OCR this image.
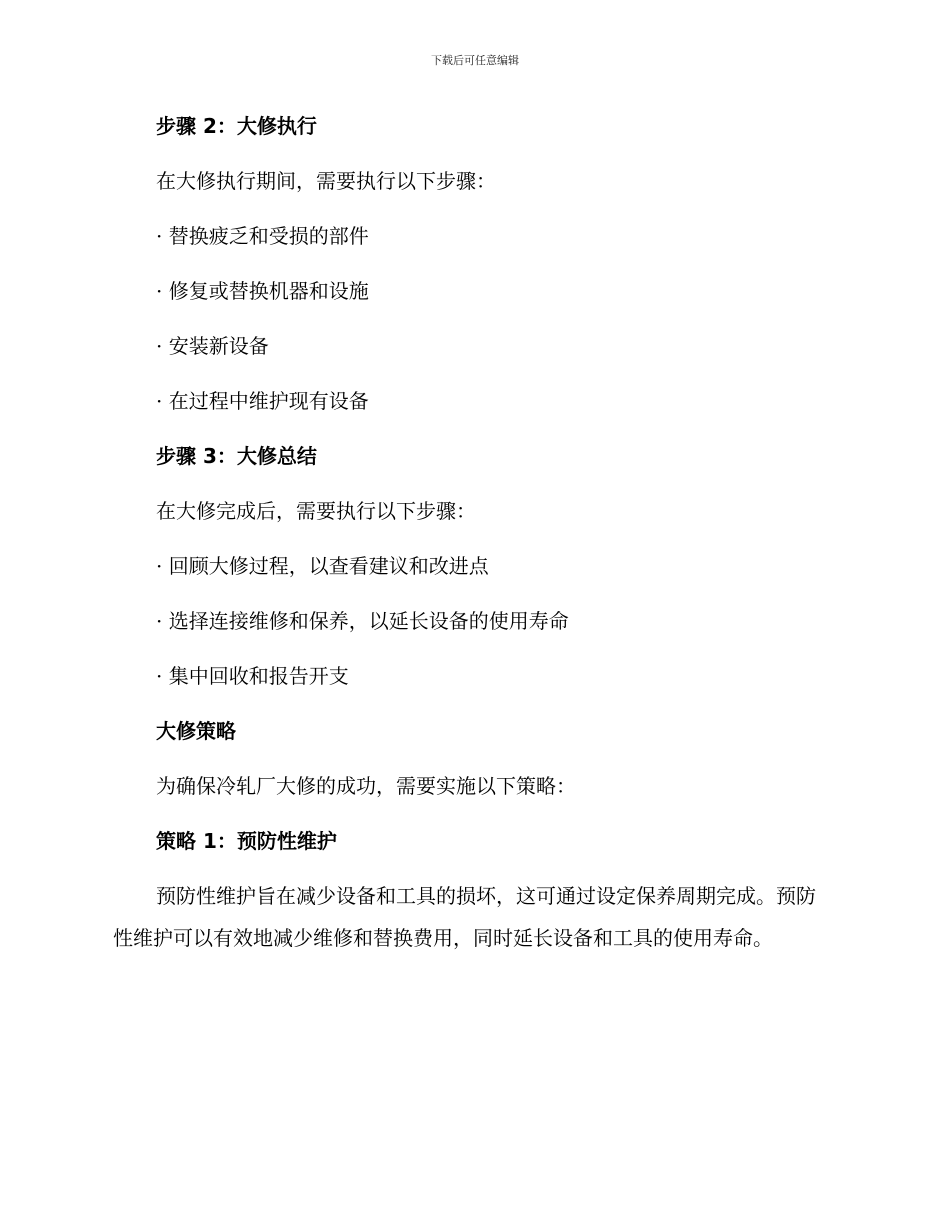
下载后可任意编辑
步骤 2：大修执行
在大修执行期间，需要执行以下步骤：
· 替换疲乏和受损的部件
· 修复或替换机器和设施
· 安装新设备
· 在过程中维护现有设备
步骤 3：大修总结
在大修完成后，需要执行以下步骤：
· 回顾大修过程，以查看建议和改进点
· 选择连接维修和保养，以延长设备的使用寿命
· 集中回收和报告开支
大修策略
为确保冷轧厂大修的成功，需要实施以下策略：
策略 1：预防性维护
预防性维护旨在减少设备和工具的损坏，这可通过设定保养周期完成。预防性维护可以有效地减少维修和替换费用，同时延长设备和工具的使用寿命。
